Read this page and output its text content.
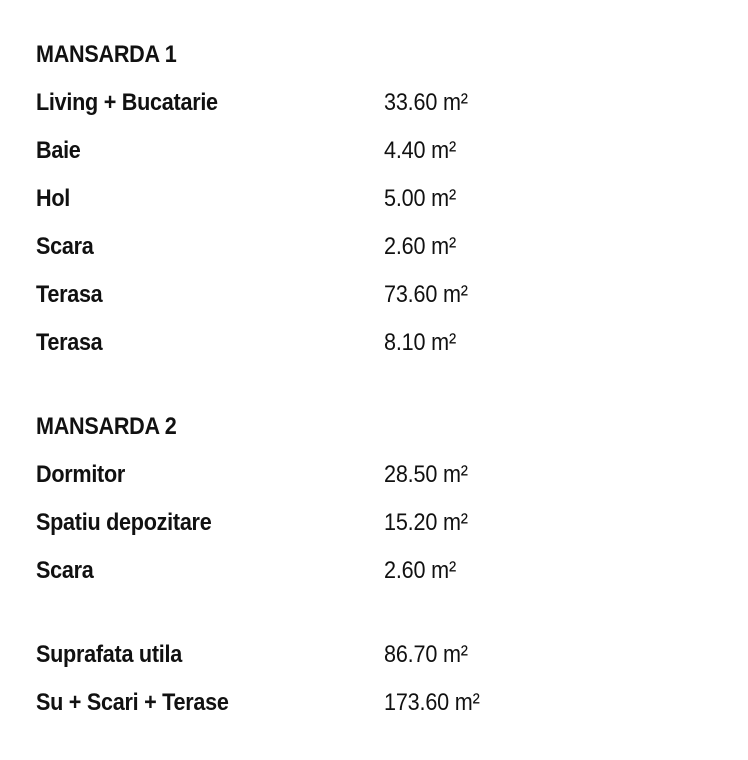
MANSARDA 1
Living + Bucatarie	33.60 m²
Baie	4.40 m²
Hol	5.00 m²
Scara	2.60 m²
Terasa	73.60 m²
Terasa	8.10 m²
MANSARDA 2
Dormitor	28.50 m²
Spatiu depozitare	15.20 m²
Scara	2.60 m²
Suprafata utila	86.70 m²
Su + Scari + Terase	173.60 m²
